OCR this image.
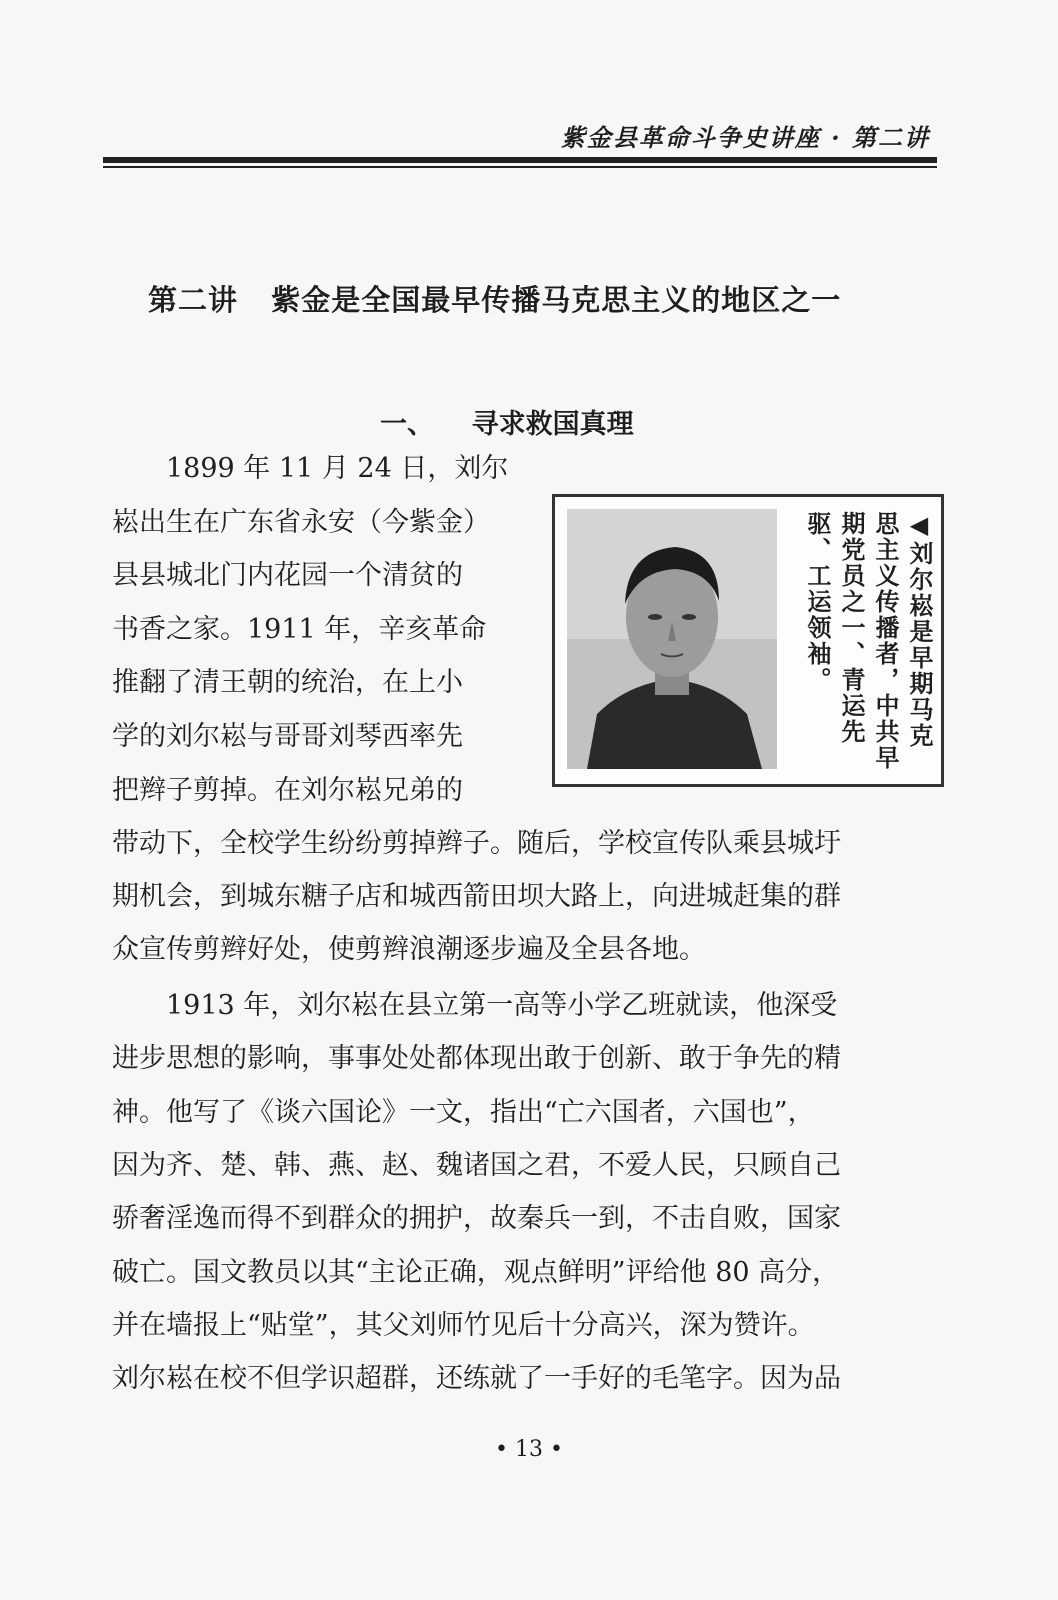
紫金县革命斗争史讲座 · 第二讲
第二讲   紫金是全国最早传播马克思主义的地区之一
一、    寻求救国真理
◀刘尔崧是早期马克思主义传播者，中共早期党员之一、青运先驱、工运领袖。
　　1899 年 11 月 24 日，刘尔
崧出生在广东省永安（今紫金）
县县城北门内花园一个清贫的
书香之家。1911 年，辛亥革命
推翻了清王朝的统治，在上小
学的刘尔崧与哥哥刘琴西率先
把辫子剪掉。在刘尔崧兄弟的
带动下，全校学生纷纷剪掉辫子。随后，学校宣传队乘县城圩
期机会，到城东糖子店和城西箭田坝大路上，向进城赶集的群
众宣传剪辫好处，使剪辫浪潮逐步遍及全县各地。
　　1913 年，刘尔崧在县立第一高等小学乙班就读，他深受
进步思想的影响，事事处处都体现出敢于创新、敢于争先的精
神。他写了《谈六国论》一文，指出“亡六国者，六国也”，
因为齐、楚、韩、燕、赵、魏诸国之君，不爱人民，只顾自己
骄奢淫逸而得不到群众的拥护，故秦兵一到，不击自败，国家
破亡。国文教员以其“主论正确，观点鲜明”评给他 80 高分，
并在墙报上“贴堂”，其父刘师竹见后十分高兴，深为赞许。
刘尔崧在校不但学识超群，还练就了一手好的毛笔字。因为品
• 13 •
